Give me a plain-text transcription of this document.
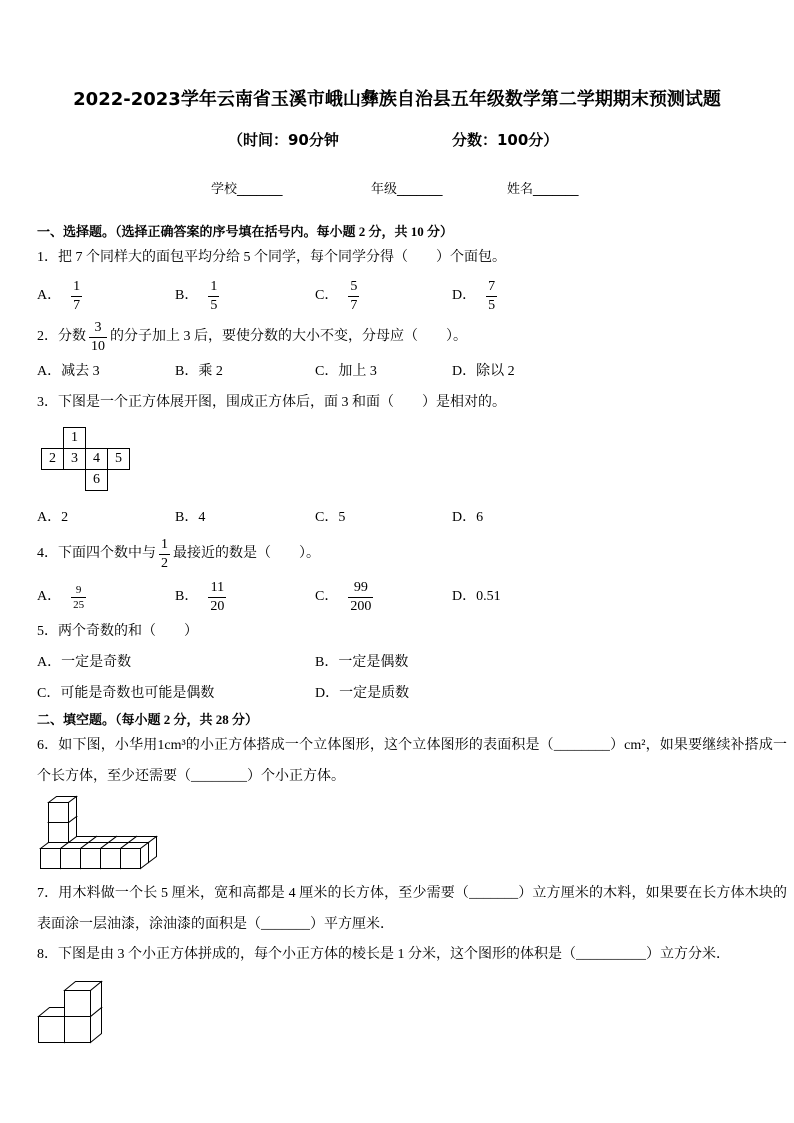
2022-2023学年云南省玉溪市峨山彝族自治县五年级数学第二学期期末预测试题
（时间：90分钟	分数：100分）
学校_______	年级_______	姓名_______
一、选择题。（选择正确答案的序号填在括号内。每小题 2 分，共 10 分）
1．把 7 个同样大的面包平均分给 5 个同学，每个同学分得（　　）个面包。
A． $\frac{1}{7}$	B． $\frac{1}{5}$	C． $\frac{5}{7}$	D． $\frac{7}{5}$
2．分数 $\frac{3}{10}$ 的分子加上 3 后，要使分数的大小不变，分母应（　　）。
A．减去 3	B．乘 2	C．加上 3	D．除以 2
3．下图是一个正方体展开图，围成正方体后，面 3 和面（　　）是相对的。
1
2	3	4	5
6
A．2	B．4	C．5	D．6
4．下面四个数中与 $\frac{1}{2}$ 最接近的数是（　　）。
A． $\frac{9}{25}$	B． $\frac{11}{20}$	C． $\frac{99}{200}$	D． 0.51
5．两个奇数的和（　　）
A．一定是奇数	B．一定是偶数
C．可能是奇数也可能是偶数	D．一定是质数
二、填空题。（每小题 2 分，共 28 分）
6．如下图，小华用1cm³的小正方体搭成一个立体图形，这个立体图形的表面积是（________）cm²，如果要继续补搭成一个长方体，至少还需要（________）个小正方体。
7．用木料做一个长 5 厘米，宽和高都是 4 厘米的长方体，至少需要（_______）立方厘米的木料，如果要在长方体木块的表面涂一层油漆，涂油漆的面积是（_______）平方厘米．
8．下图是由 3 个小正方体拼成的，每个小正方体的棱长是 1 分米，这个图形的体积是（__________）立方分米．
